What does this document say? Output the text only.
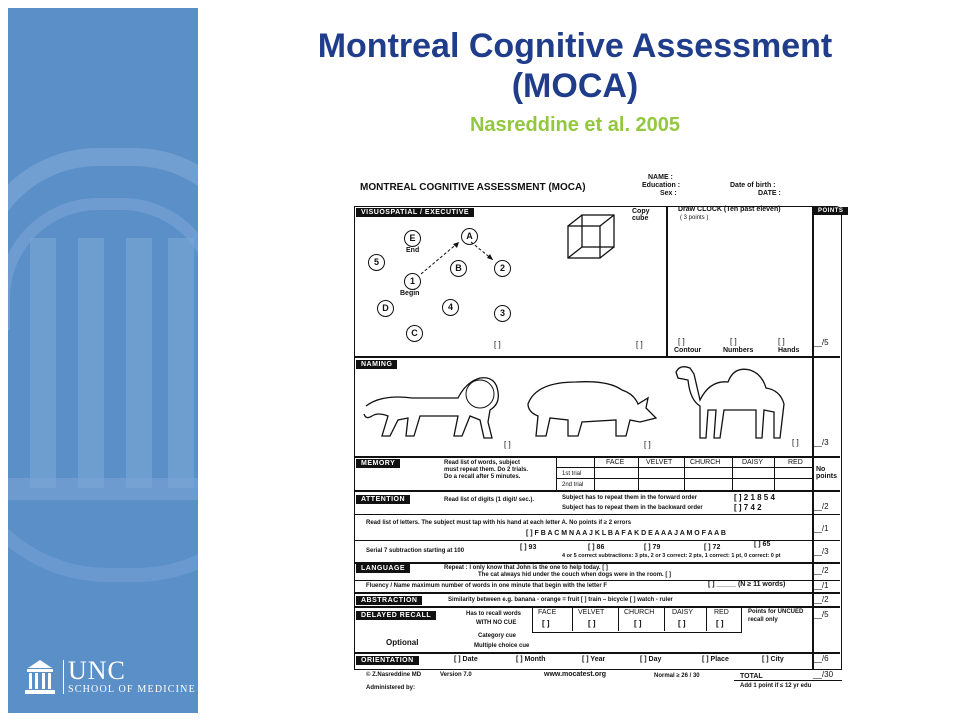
UNC
SCHOOL OF MEDICINE
Montreal Cognitive Assessment
(MOCA)
Nasreddine et al. 2005
MONTREAL COGNITIVE ASSESSMENT (MOCA)
NAME :
Education :
Sex :
Date of birth :
DATE :
POINTS
VISUOSPATIAL / EXECUTIVE
E	A
End
5
B
1
2
Begin
D	4
3
C
[ ]
Copy cube
[ ]
Draw CLOCK (Ten past eleven)
( 3 points )
[ ]	[ ]	[ ]
Contour	Numbers	Hands
__/5
NAMING
[ ]	[ ]	[ ] __/3
MEMORY	Read list of words, subject
must repeat them. Do 2 trials.
Do a recall after 5 minutes.
FACE	VELVET	CHURCH	DAISY	RED
1st trial
2nd trial
No points
ATTENTION	Read list of digits (1 digit/ sec.).	Subject has to repeat them in the forward order	[ ] 2 1 8 5 4
Subject has to repeat them in the backward order	[ ] 7 4 2	__/2
Read list of letters. The subject must tap with his hand at each letter A. No points if ≥ 2 errors
[ ] F B A C M N A A J K L B A F A K D E A A A J A M O F A A B
__/1
Serial 7 subtraction starting at 100	[ ] 93	[ ] 86	[ ] 79	[ ] 72	[ ] 65
4 or 5 correct subtractions: 3 pts, 2 or 3 correct: 2 pts, 1 correct: 1 pt, 0 correct: 0 pt	__/3
LANGUAGE	Repeat : I only know that John is the one to help today. [ ]
The cat always hid under the couch when dogs were in the room. [ ]	__/2
Fluency / Name maximum number of words in one minute that begin with the letter F	[ ] _____ (N ≥ 11 words)	__/1
ABSTRACTION	Similarity between e.g. banana - orange = fruit [ ] train – bicycle [ ] watch - ruler	__/2
DELAYED RECALL	Has to recall words
WITH NO CUE
FACE	VELVET	CHURCH	DAISY	RED
[ ]	[ ]	[ ]	[ ]	[ ]
Points for UNCUED recall only
Optional
Category cue
Multiple choice cue
__/5
ORIENTATION	[ ] Date	[ ] Month	[ ] Year	[ ] Day	[ ] Place	[ ] City	__/6
© Z.Nasreddine MD	Version 7.0	www.mocatest.org	Normal ≥ 26 / 30	TOTAL	__/30
Administered by:	Add 1 point if ≤ 12 yr edu
